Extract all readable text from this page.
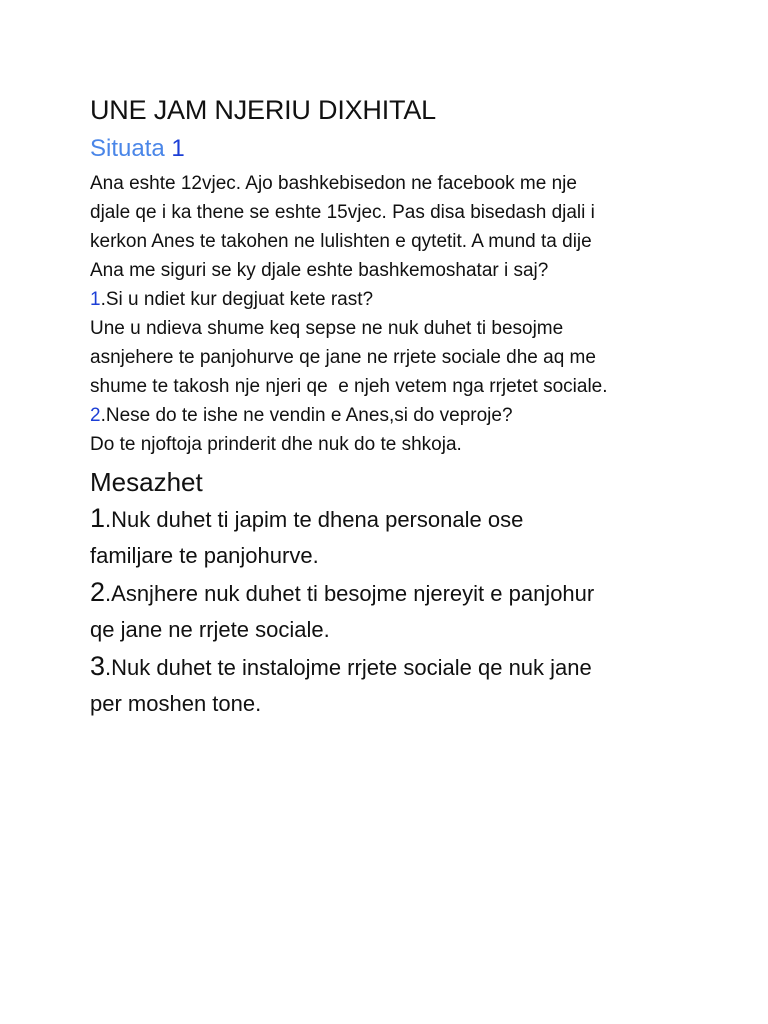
UNE JAM NJERIU DIXHITAL
Situata 1

Ana eshte 12vjec. Ajo bashkebisedon ne facebook me nje

djale qe i ka thene se eshte 15vjec. Pas disa bisedash djali i

kerkon Anes te takohen ne lulishten e qytetit. A mund ta dije

Ana me siguri se ky djale eshte bashkemoshatar i saj?

1.Si u ndiet kur degjuat kete rast?

Une u ndieva shume keq sepse ne nuk duhet ti besojme

asnjehere te panjohurve qe jane ne rrjete sociale dhe aq me

shume te takosh nje njeri qe  e njeh vetem nga rrjetet sociale.

2.Nese do te ishe ne vendin e Anes,si do veproje?

Do te njoftoja prinderit dhe nuk do te shkoja.

Mesazhet

1.Nuk duhet ti japim te dhena personale ose

familjare te panjohurve.

2.Asnjhere nuk duhet ti besojme njereyit e panjohur

qe jane ne rrjete sociale.

3.Nuk duhet te instalojme rrjete sociale qe nuk jane

per moshen tone.
